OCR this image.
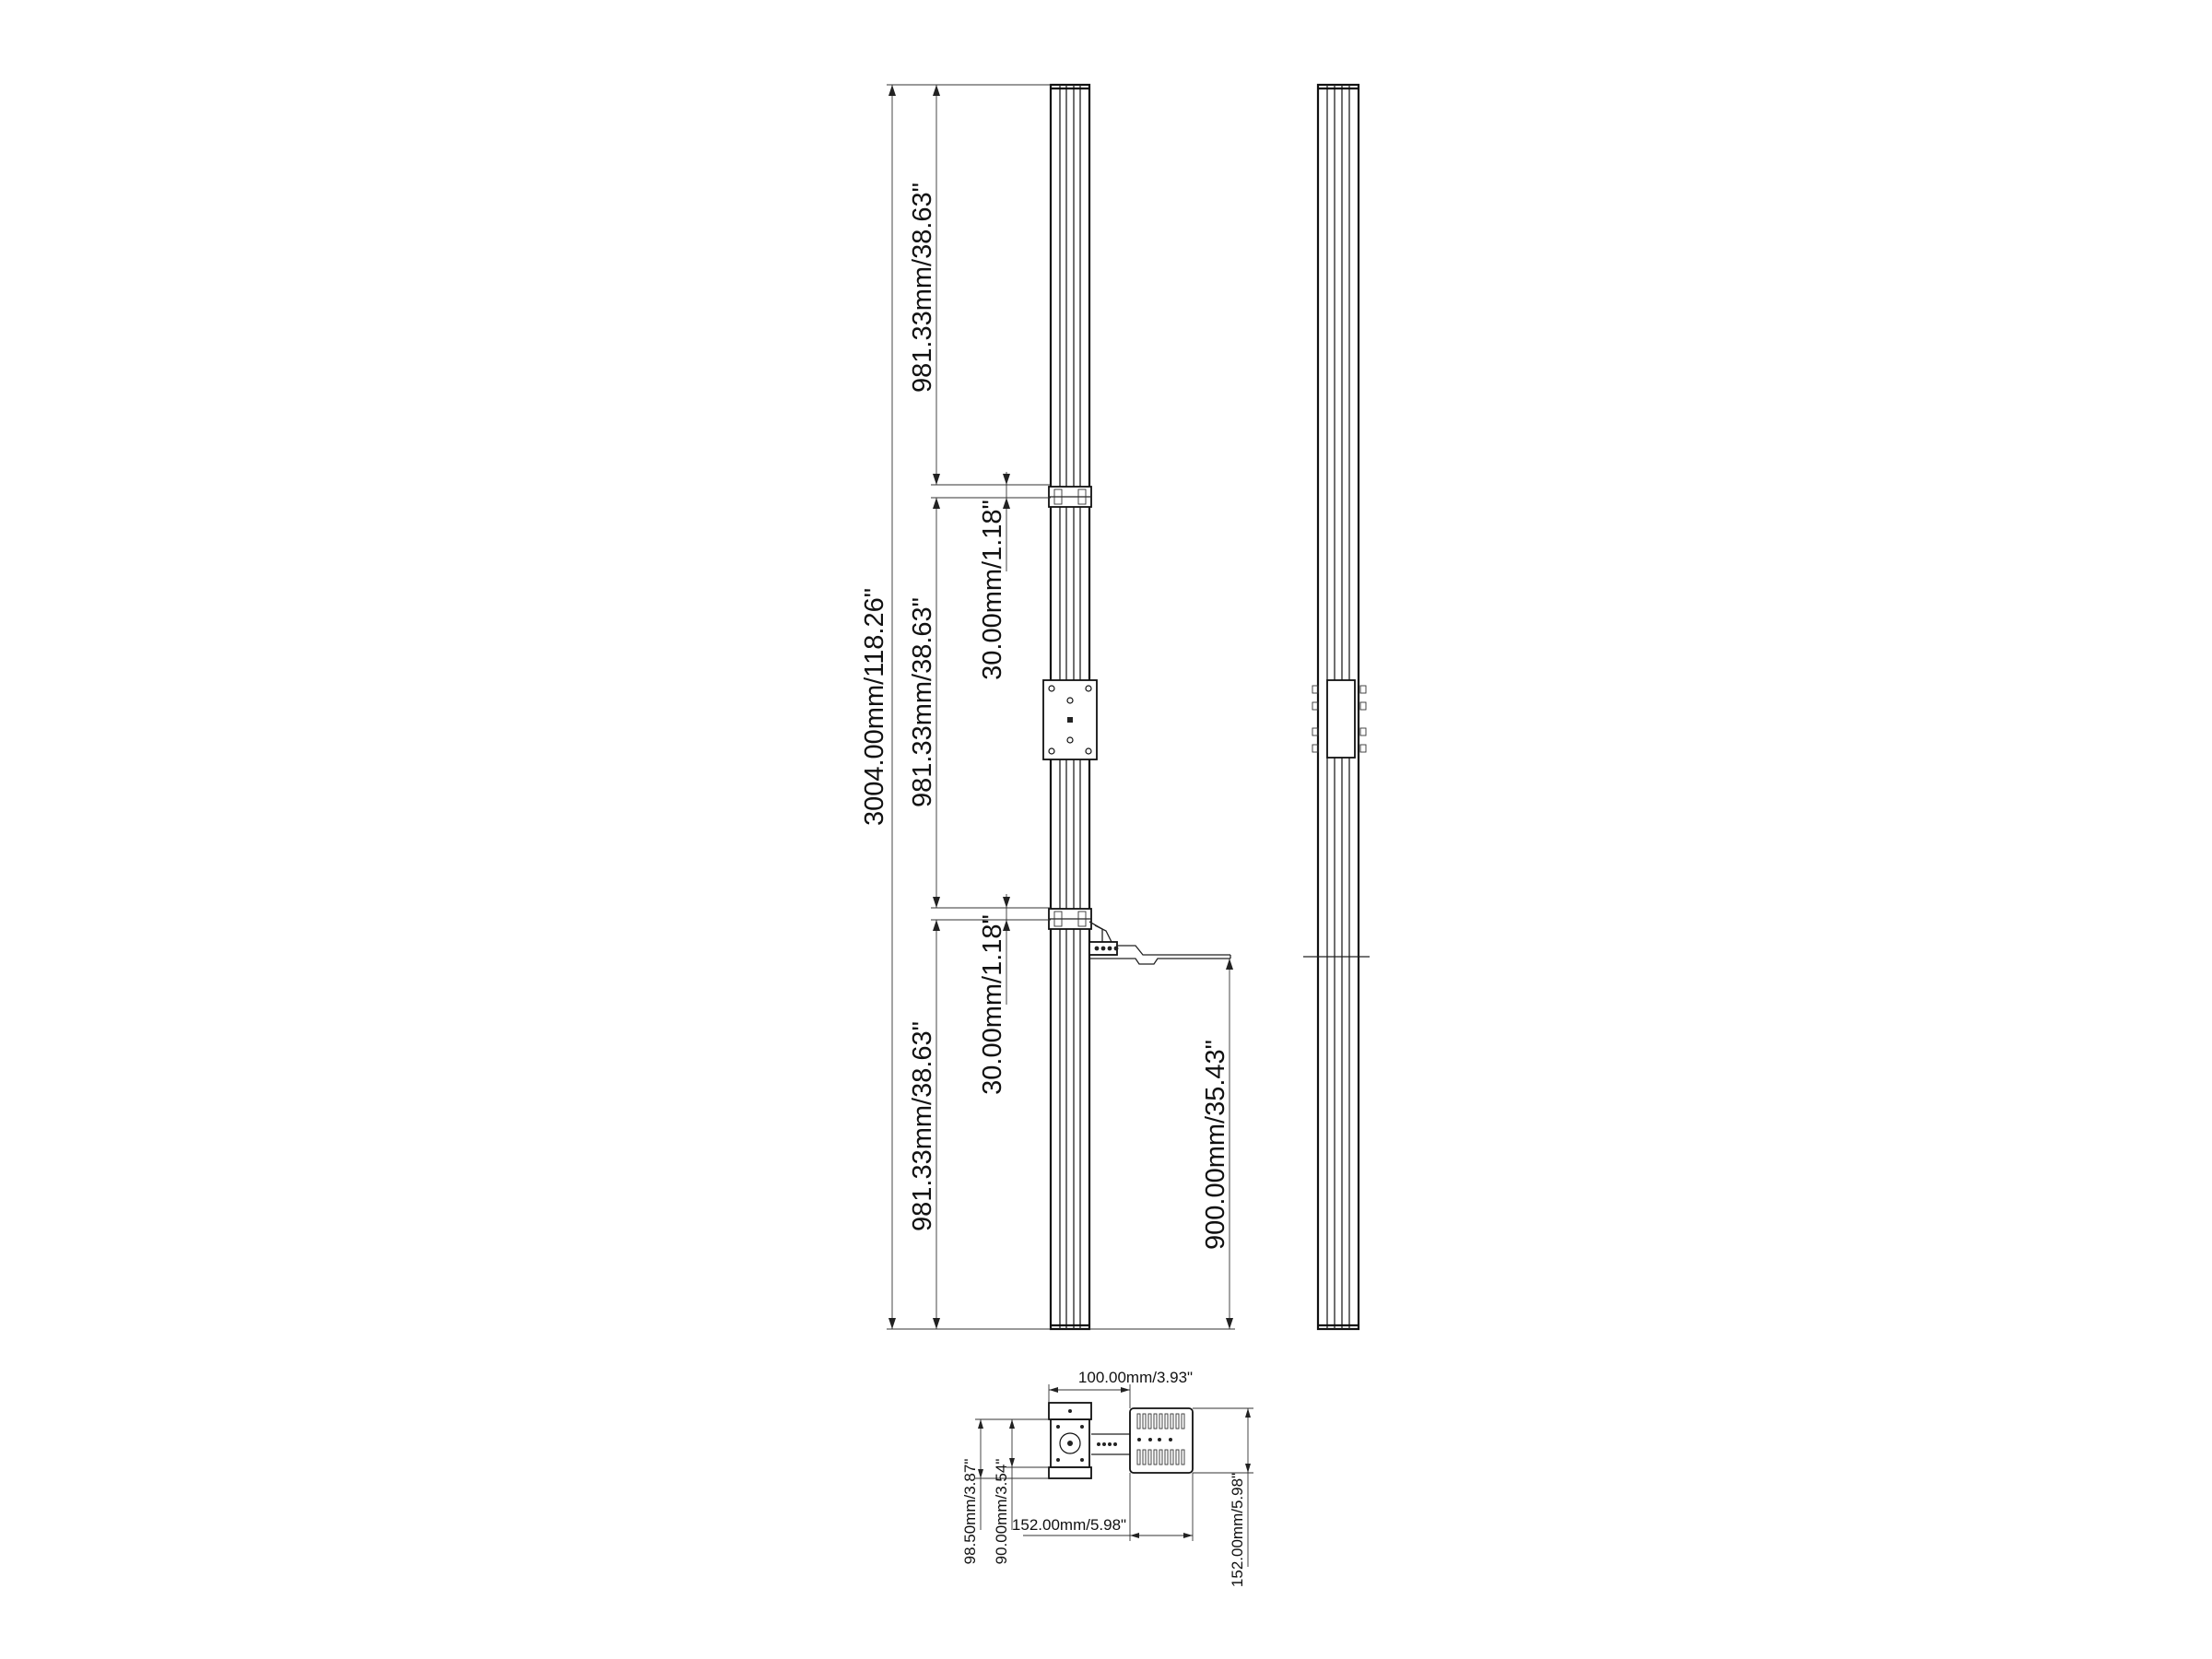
3004.00mm/118.26"
981.33mm/38.63"
981.33mm/38.63"
981.33mm/38.63"
30.00mm/1.18"
30.00mm/1.18"
900.00mm/35.43"
100.00mm/3.93"
98.50mm/3.87" 90.00mm/3.54" 152.00mm/5.98"	152.00mm/5.98"
